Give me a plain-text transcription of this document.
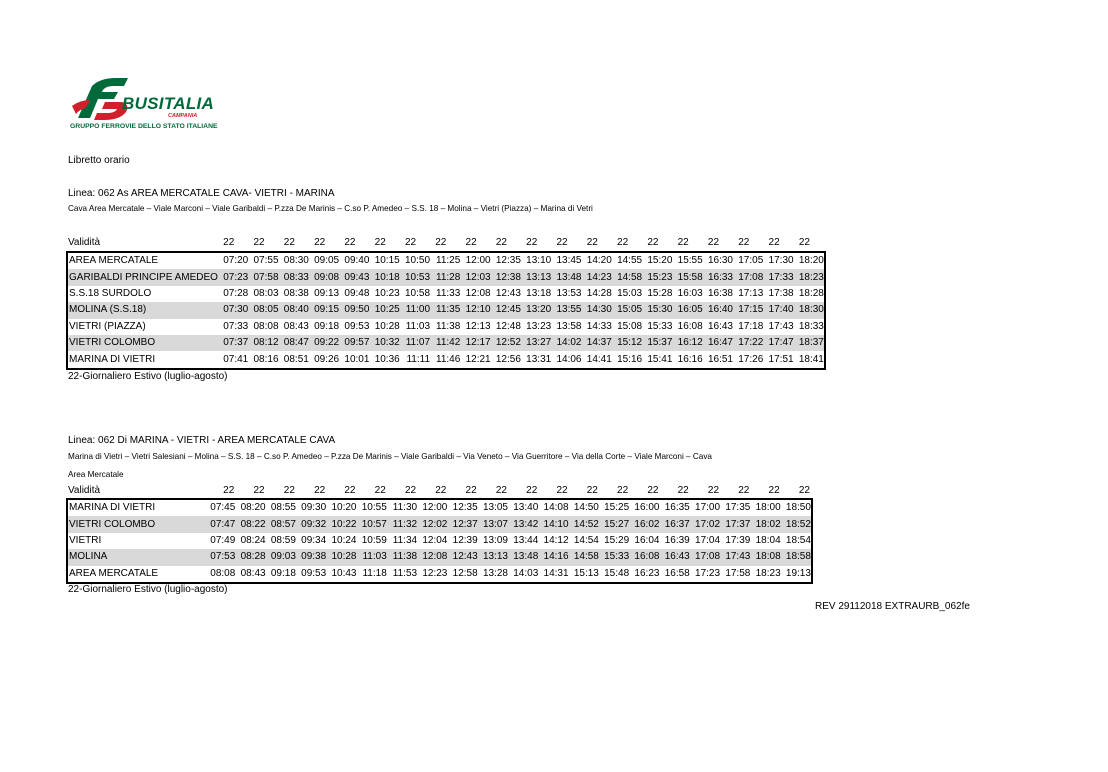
BUSITALIA
CAMPANIA
GRUPPO FERROVIE DELLO STATO ITALIANE
Libretto orario
Linea: 062 As AREA MERCATALE CAVA- VIETRI - MARINA
Cava Area Mercatale – Viale Marconi – Viale Garibaldi – P.zza De Marinis – C.so P. Amedeo – S.S. 18 – Molina – Vietri (Piazza) – Marina di Vetri
Validità	22	22	22	22	22	22	22	22	22	22	22	22	22	22	22	22	22	22	22	22
AREA MERCATALE	07:20	07:55	08:30	09:05	09:40	10:15	10:50	11:25	12:00	12:35	13:10	13:45	14:20	14:55	15:20	15:55	16:30	17:05	17:30	18:20
GARIBALDI PRINCIPE AMEDEO	07:23	07:58	08:33	09:08	09:43	10:18	10:53	11:28	12:03	12:38	13:13	13:48	14:23	14:58	15:23	15:58	16:33	17:08	17:33	18:23
S.S.18 SURDOLO	07:28	08:03	08:38	09:13	09:48	10:23	10:58	11:33	12:08	12:43	13:18	13:53	14:28	15:03	15:28	16:03	16:38	17:13	17:38	18:28
MOLINA (S.S.18)	07:30	08:05	08:40	09:15	09:50	10:25	11:00	11:35	12:10	12:45	13:20	13:55	14:30	15:05	15:30	16:05	16:40	17:15	17:40	18:30
VIETRI (PIAZZA)	07:33	08:08	08:43	09:18	09:53	10:28	11:03	11:38	12:13	12:48	13:23	13:58	14:33	15:08	15:33	16:08	16:43	17:18	17:43	18:33
VIETRI COLOMBO	07:37	08:12	08:47	09:22	09:57	10:32	11:07	11:42	12:17	12:52	13:27	14:02	14:37	15:12	15:37	16:12	16:47	17:22	17:47	18:37
MARINA DI VIETRI	07:41	08:16	08:51	09:26	10:01	10:36	11:11	11:46	12:21	12:56	13:31	14:06	14:41	15:16	15:41	16:16	16:51	17:26	17:51	18:41
22-Giornaliero Estivo (luglio-agosto)
Linea: 062 Di MARINA - VIETRI - AREA MERCATALE CAVA
Marina di Vietri – Vietri Salesiani – Molina – S.S. 18 – C.so P. Amedeo – P.zza De Marinis – Viale Garibaldi – Via Veneto – Via Guerritore – Via della Corte – Viale Marconi – Cava
Area Mercatale
Validità	22	22	22	22	22	22	22	22	22	22	22	22	22	22	22	22	22	22	22	22
MARINA DI VIETRI	07:45	08:20	08:55	09:30	10:20	10:55	11:30	12:00	12:35	13:05	13:40	14:08	14:50	15:25	16:00	16:35	17:00	17:35	18:00	18:50
VIETRI COLOMBO	07:47	08:22	08:57	09:32	10:22	10:57	11:32	12:02	12:37	13:07	13:42	14:10	14:52	15:27	16:02	16:37	17:02	17:37	18:02	18:52
VIETRI	07:49	08:24	08:59	09:34	10:24	10:59	11:34	12:04	12:39	13:09	13:44	14:12	14:54	15:29	16:04	16:39	17:04	17:39	18:04	18:54
MOLINA	07:53	08:28	09:03	09:38	10:28	11:03	11:38	12:08	12:43	13:13	13:48	14:16	14:58	15:33	16:08	16:43	17:08	17:43	18:08	18:58
AREA MERCATALE	08:08	08:43	09:18	09:53	10:43	11:18	11:53	12:23	12:58	13:28	14:03	14:31	15:13	15:48	16:23	16:58	17:23	17:58	18:23	19:13
22-Giornaliero Estivo (luglio-agosto)
REV 29112018 EXTRAURB_062fe
